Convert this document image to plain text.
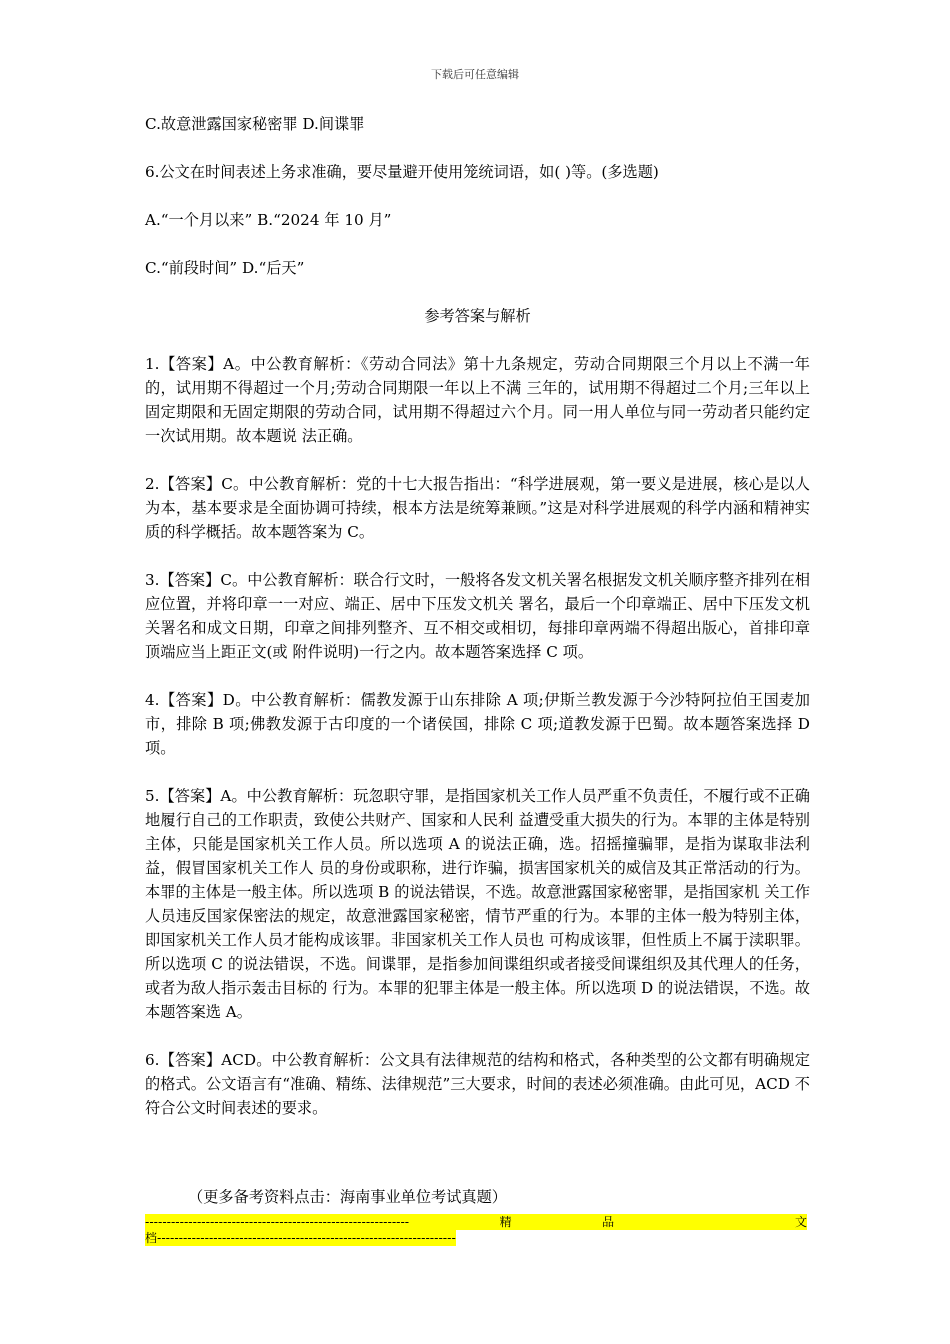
下载后可任意编辑

C.故意泄露国家秘密罪 D.间谍罪

6.公文在时间表述上务求准确，要尽量避开使用笼统词语，如( )等。(多选题)

A.“一个月以来” B.“2024 年 10 月”

C.“前段时间” D.“后天”

参考答案与解析

1.【答案】A。中公教育解析：《劳动合同法》第十九条规定，劳动合同期限三个月以上不满一年的，试用期不得超过一个月;劳动合同期限一年以上不满 三年的，试用期不得超过二个月;三年以上固定期限和无固定期限的劳动合同，试用期不得超过六个月。同一用人单位与同一劳动者只能约定一次试用期。故本题说 法正确。

2.【答案】C。中公教育解析：党的十七大报告指出：“科学进展观，第一要义是进展，核心是以人为本，基本要求是全面协调可持续，根本方法是统筹兼顾。”这是对科学进展观的科学内涵和精神实质的科学概括。故本题答案为 C。

3.【答案】C。中公教育解析：联合行文时，一般将各发文机关署名根据发文机关顺序整齐排列在相应位置，并将印章一一对应、端正、居中下压发文机关 署名，最后一个印章端正、居中下压发文机关署名和成文日期，印章之间排列整齐、互不相交或相切，每排印章两端不得超出版心，首排印章顶端应当上距正文(或 附件说明)一行之内。故本题答案选择 C 项。

4.【答案】D。中公教育解析：儒教发源于山东排除 A 项;伊斯兰教发源于今沙特阿拉伯王国麦加市，排除 B 项;佛教发源于古印度的一个诸侯国，排除 C 项;道教发源于巴蜀。故本题答案选择 D 项。

5.【答案】A。中公教育解析：玩忽职守罪，是指国家机关工作人员严重不负责任，不履行或不正确地履行自己的工作职责，致使公共财产、国家和人民利 益遭受重大损失的行为。本罪的主体是特别主体，只能是国家机关工作人员。所以选项 A 的说法正确，选。招摇撞骗罪，是指为谋取非法利益，假冒国家机关工作人 员的身份或职称，进行诈骗，损害国家机关的威信及其正常活动的行为。本罪的主体是一般主体。所以选项 B 的说法错误，不选。故意泄露国家秘密罪，是指国家机 关工作人员违反国家保密法的规定，故意泄露国家秘密，情节严重的行为。本罪的主体一般为特别主体，即国家机关工作人员才能构成该罪。非国家机关工作人员也 可构成该罪，但性质上不属于渎职罪。所以选项 C 的说法错误，不选。间谍罪，是指参加间谍组织或者接受间谍组织及其代理人的任务，或者为敌人指示轰击目标的 行为。本罪的犯罪主体是一般主体。所以选项 D 的说法错误，不选。故本题答案选 A。

6.【答案】ACD。中公教育解析：公文具有法律规范的结构和格式，各种类型的公文都有明确规定的格式。公文语言有“准确、精练、法律规范”三大要求，时间的表述必须准确。由此可见，ACD 不符合公文时间表述的要求。

（更多备考资料点击：海南事业单位考试真题）
-------------------------------------------------------------	精	品	文
档---------------------------------------------------------------------
